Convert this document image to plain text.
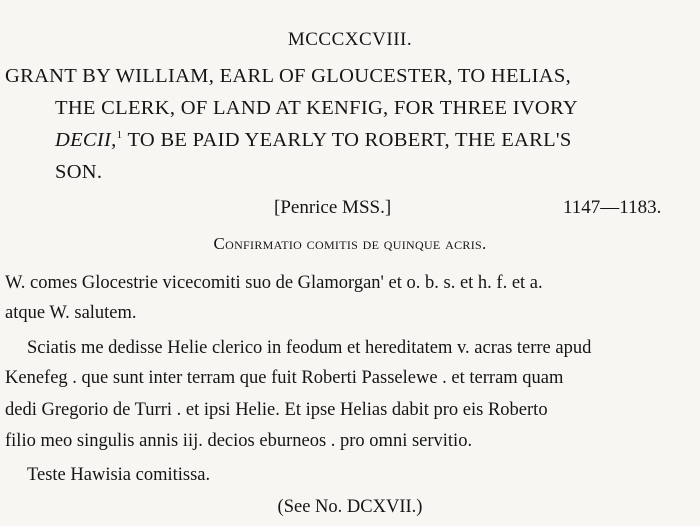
MCCCXCVIII.
GRANT BY WILLIAM, EARL OF GLOUCESTER, TO HELIAS,
THE CLERK, OF LAND AT KENFIG, FOR THREE IVORY
DECII,$^1$ TO BE PAID YEARLY TO ROBERT, THE EARL'S
SON.
[Penrice MSS.]	1147—1183.
Confirmatio comitis de quinque acris.
W. comes Glocestrie vicecomiti suo de Glamorgan' et o. b. s. et h. f. et a.
atque W. salutem.
Sciatis me dedisse Helie clerico in feodum et hereditatem v. acras terre apud
Kenefeg . que sunt inter terram que fuit Roberti Passelewe . et terram quam
dedi Gregorio de Turri . et ipsi Helie. Et ipse Helias dabit pro eis Roberto
filio meo singulis annis iij. decios eburneos . pro omni servitio.
Teste Hawisia comitissa.
(See No. DCXVII.)
